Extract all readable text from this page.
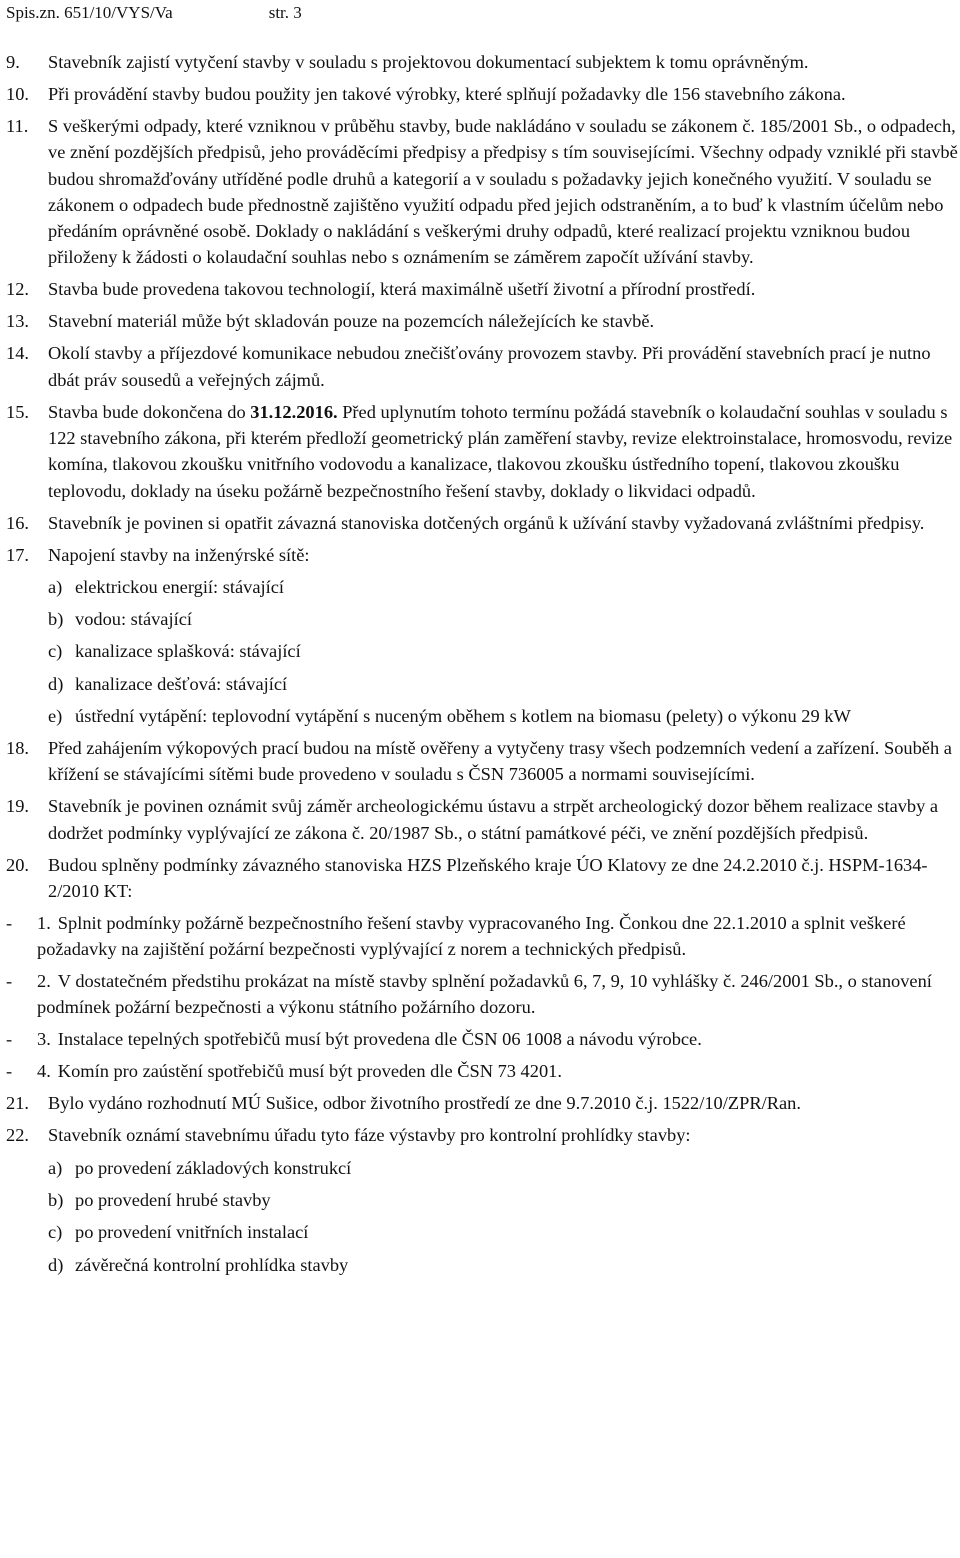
Spis.zn. 651/10/VYS/Va	str. 3
9.	Stavebník zajistí vytyčení stavby v souladu s projektovou dokumentací subjektem k tomu oprávněným.
10.	Při provádění stavby budou použity jen takové výrobky, které splňují požadavky dle 156 stavebního zákona.
11.	S veškerými odpady, které vzniknou v průběhu stavby, bude nakládáno v souladu se zákonem č. 185/2001 Sb., o odpadech, ve znění pozdějších předpisů, jeho prováděcími předpisy a předpisy s tím souvisejícími. Všechny odpady vzniklé při stavbě budou shromažďovány utříděné podle druhů a kategorií a v souladu s požadavky jejich konečného využití. V souladu se zákonem o odpadech bude přednostně zajištěno využití odpadu před jejich odstraněním, a to buď k vlastním účelům nebo předáním oprávněné osobě. Doklady o nakládání s veškerými druhy odpadů, které realizací projektu vzniknou budou přiloženy k žádosti o kolaudační souhlas nebo s oznámením se záměrem započít užívání stavby.
12.	Stavba bude provedena takovou technologií, která maximálně ušetří životní a přírodní prostředí.
13.	Stavební materiál může být skladován pouze na pozemcích náležejících ke stavbě.
14.	Okolí stavby a příjezdové komunikace nebudou znečišťovány provozem stavby. Při provádění stavebních prací je nutno dbát práv sousedů a veřejných zájmů.
15.	Stavba bude dokončena do 31.12.2016. Před uplynutím tohoto termínu požádá stavebník o kolaudační souhlas v souladu s 122 stavebního zákona, při kterém předloží geometrický plán zaměření stavby, revize elektroinstalace, hromosvodu, revize komína, tlakovou zkoušku vnitřního vodovodu a kanalizace, tlakovou zkoušku ústředního topení, tlakovou zkoušku teplovodu, doklady na úseku požárně bezpečnostního řešení stavby, doklady o likvidaci odpadů.
16.	Stavebník je povinen si opatřit závazná stanoviska dotčených orgánů k užívání stavby vyžadovaná zvláštními předpisy.
17.	Napojení stavby na inženýrské sítě:
a) elektrickou energií: stávající
b) vodou: stávající
c) kanalizace splašková: stávající
d) kanalizace dešťová: stávající
e) ústřední vytápění: teplovodní vytápění s nuceným oběhem s kotlem na biomasu (pelety) o výkonu 29 kW
18.	Před zahájením výkopových prací budou na místě ověřeny a vytyčeny trasy všech podzemních vedení a zařízení. Souběh a křížení se stávajícími sítěmi bude provedeno v souladu s ČSN 736005 a normami souvisejícími.
19.	Stavebník je povinen oznámit svůj záměr archeologickému ústavu a strpět archeologický dozor během realizace stavby a dodržet podmínky vyplývající ze zákona č. 20/1987 Sb., o státní památkové péči, ve znění pozdějších předpisů.
20.	Budou splněny podmínky závazného stanoviska HZS Plzeňského kraje ÚO Klatovy ze dne 24.2.2010 č.j. HSPM-1634-2/2010 KT:
-	1. Splnit podmínky požárně bezpečnostního řešení stavby vypracovaného Ing. Čonkou dne 22.1.2010 a splnit veškeré požadavky na zajištění požární bezpečnosti vyplývající z norem a technických předpisů.
-	2. V dostatečném předstihu prokázat na místě stavby splnění požadavků 6, 7, 9, 10 vyhlášky č. 246/2001 Sb., o stanovení podmínek požární bezpečnosti a výkonu státního požárního dozoru.
-	3. Instalace tepelných spotřebičů musí být provedena dle ČSN 06 1008 a návodu výrobce.
-	4. Komín pro zaústění spotřebičů musí být proveden dle ČSN 73 4201.
21.	Bylo vydáno rozhodnutí MÚ Sušice, odbor životního prostředí ze dne 9.7.2010 č.j. 1522/10/ZPR/Ran.
22.	Stavebník oznámí stavebnímu úřadu tyto fáze výstavby pro kontrolní prohlídky stavby:
a) po provedení základových konstrukcí
b) po provedení hrubé stavby
c) po provedení vnitřních instalací
d) závěrečná kontrolní prohlídka stavby
